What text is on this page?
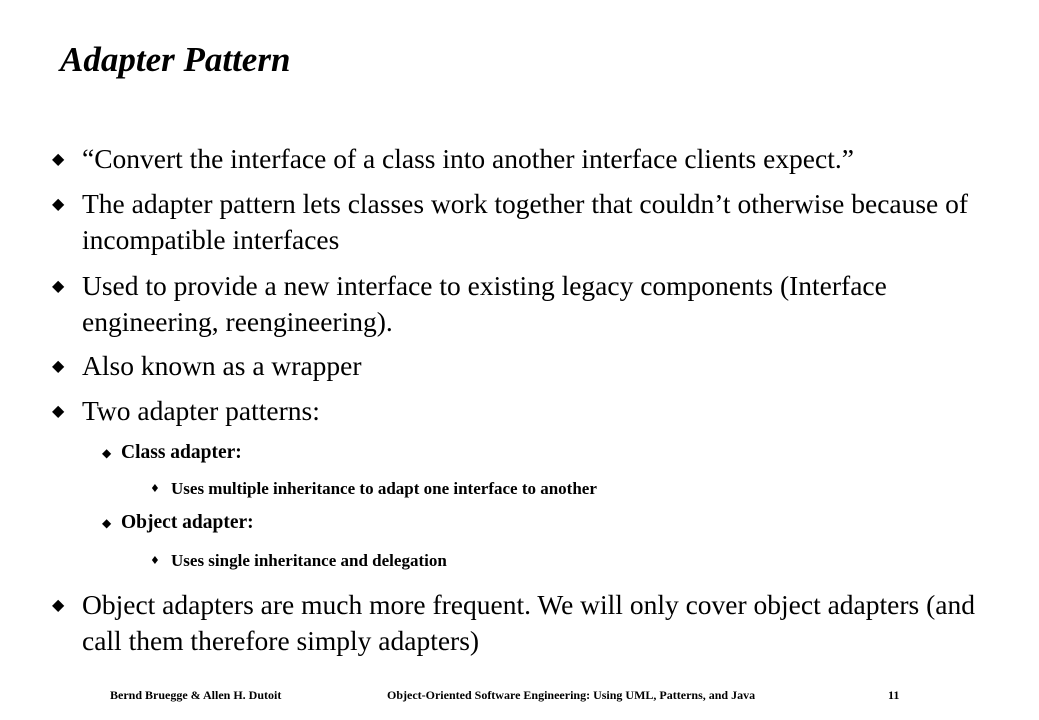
Adapter Pattern
◆ “Convert the interface of a class into another interface clients expect.”
◆ The adapter pattern lets classes work together that couldn’t otherwise because of incompatible interfaces
◆ Used to provide a new interface to existing legacy components (Interface engineering, reengineering).
◆ Also known as a wrapper
◆ Two adapter patterns:
◆ Class adapter:
♦ Uses multiple inheritance to adapt one interface to another
◆ Object adapter:
♦ Uses single inheritance and delegation
◆ Object adapters are much more frequent. We will only cover object adapters (and call them therefore simply adapters)
Bernd Bruegge & Allen H. Dutoit	Object-Oriented Software Engineering: Using UML, Patterns, and Java	11
